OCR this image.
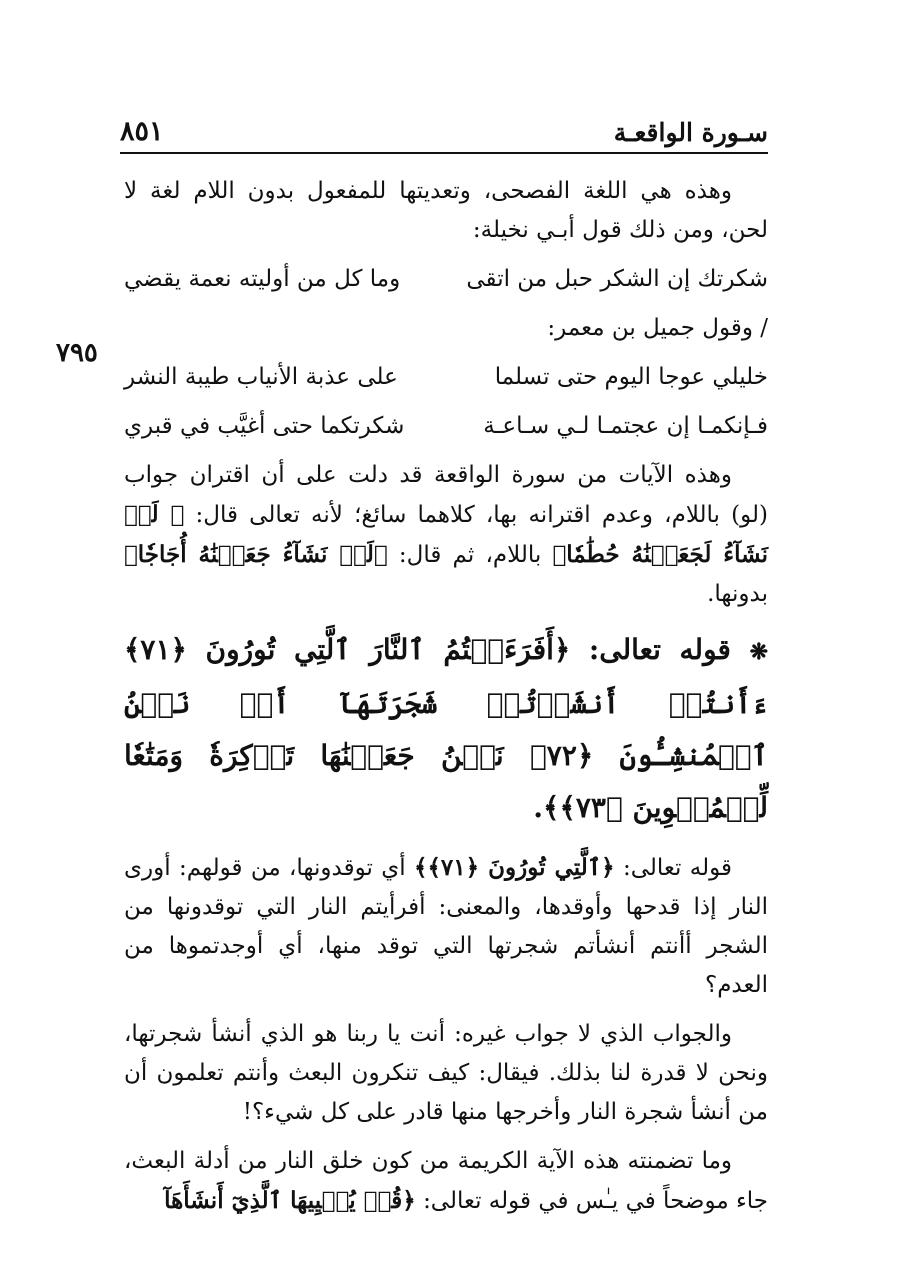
سـورة الواقعـة
٨٥١
٧٩٥

وهذه هي اللغة الفصحى، وتعديتها للمفعول بدون اللام لغة لا لحن، ومن ذلك قول أبـي نخيلة:

شكرتك إن الشكر حبل من اتقى
وما كل من أوليته نعمة يقضي

/ وقول جميل بن معمر:

خليلي عوجا اليوم حتى تسلما
على عذبة الأنياب طيبة النشر
فـإنكمـا إن عجتمـا لـي سـاعـة
شكرتكما حتى أغيَّب في قبري

وهذه الآيات من سورة الواقعة قد دلت على أن اقتران جواب (لو) باللام، وعدم اقترانه بها، كلاهما سائغ؛ لأنه تعالى قال: ﴿ لَوۡ نَشَآءُ لَجَعَلۡنَٰهُ حُطَٰمٗا﴾ باللام، ثم قال: ﴿لَوۡ نَشَآءُ جَعَلۡنَٰهُ أُجَاجٗا﴾ بدونها.

❋ قوله تعالى: ﴿أَفَرَءَيۡتُمُ ٱلنَّارَ ٱلَّتِي تُورُونَ ﴿٧١﴾ ءَأَنتُمۡ أَنشَأۡتُمۡ شَجَرَتَهَآ أَمۡ نَحۡنُ ٱلۡمُنشِـُٔونَ ﴿٧٢﴾ نَحۡنُ جَعَلۡنَٰهَا تَذۡكِرَةٗ وَمَتَٰعٗا لِّلۡمُقۡوِينَ ﴿٧٣﴾﴾.

قوله تعالى: ﴿ٱلَّتِي تُورُونَ ﴿٧١﴾﴾ أي توقدونها، من قولهم: أورى النار إذا قدحها وأوقدها، والمعنى: أفرأيتم النار التي توقدونها من الشجر أأنتم أنشأتم شجرتها التي توقد منها، أي أوجدتموها من العدم؟

والجواب الذي لا جواب غيره: أنت يا ربنا هو الذي أنشأ شجرتها، ونحن لا قدرة لنا بذلك. فيقال: كيف تنكرون البعث وأنتم تعلمون أن من أنشأ شجرة النار وأخرجها منها قادر على كل شيء؟!

وما تضمنته هذه الآية الكريمة من كون خلق النار من أدلة البعث، جاء موضحاً في يـٰس في قوله تعالى: ﴿قُلۡ يُحۡيِيهَا ٱلَّذِيٓ أَنشَأَهَآ
